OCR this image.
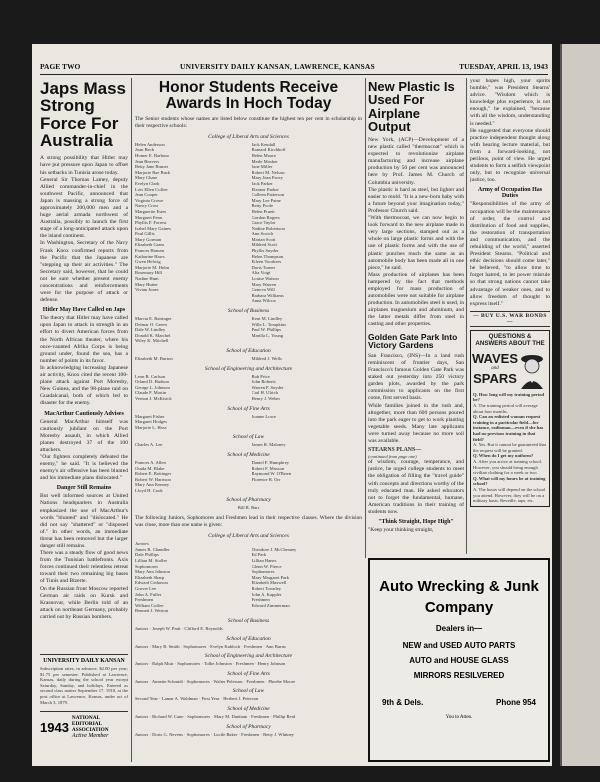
PAGE TWO	UNIVERSITY DAILY KANSAN, LAWRENCE, KANSAS	TUESDAY, APRIL 13, 1943
Japs Mass Strong Force For Australia
A strong possibility that Hitler may have put pressure upon Japan to offset his setbacks in Tunisia arose today.
General Sir Thomas Lamey, deputy Allied commander-in-chief in the southwest Pacific, announced that Japan is massing a strong force of approximately 200,000 men and a huge aerial armada northwest of Australia, possibly to launch the first stage of a long-anticipated attack upon the island continent.
In Washington, Secretary of the Navy Frank Knox confirmed reports from the Pacific that the Japanese are "stepping up their air activities." The Secretary said, however, that he could not be sure whether present enemy concentrations and reinforcements were for the purpose of attack or defense.
Hitler May Have Called on Japs
The theory that Hitler may have called upon Japan to attack in strength in an effort to divert American forces from the North African theater, where his once-vaunted Afrika Corps is being ground under, found the sea, has a number of points in its favor.
In acknowledging increasing Japanese air activity, Knox cited the recent 100-plane attack against Port Moresby, New Guinea, and the 98-plane raid on Guadalcanal, both of which led to disaster for the enemy.
MacArthur Cautiously Advises
General MacArthur himself was cautiously jubilant on the Port Moresby assault, in which Allied planes destroyed 37 of the 100 attackers.
"Our fighters completely defeated the enemy," he said. "It is believed the enemy's air offensive has been blunted and his immediate plans dislocated."
Danger Still Remains
But well informed sources at United Nations headquarters in Australia emphasized the use of MacArthur's words "blunted" and "dislocated." He did not say "shattered" or "disposed of." In other words, an immediate threat has been removed but the larger danger still remains.
There was a steady flow of good news from the Tunisian battlefronts. Axis forces continued their relentless retreat toward their two remaining big bases of Tunis and Bizerte.
On the Russian front Moscow reported German air raids on Kursk and Krasnovar, while Berlin told of an attack on northeast Germany, probably carried out by Russian bombers.
UNIVERSITY DAILY KANSAN
Subscription rates, in advance, $2.00 per year; $1.75 per semester. Published at Lawrence, Kansas, daily during the school year except Saturday, Sunday, and holidays. Entered as second class matter September 17, 1910, at the post office at Lawrence, Kansas, under act of March 3, 1879.
1943
NATIONAL EDITORIAL ASSOCIATION
Active Member
Honor Students Receive Awards In Hoch Today
The Senior students whose names are listed below constitute the highest ten per cent in scholarship in their respective schools:
College of Liberal Arts and Sciences
Helen Anderson
Joan Beck
Homer E. Barbour
Jean Beavers
Betty Jane Bruner
Marjorie Rae Buck
Mary Chase
Evelyn Clark
Lois Ellen Coffee
Jean Cooper
Virginia Crowe
Nancy Crow
Marguerite Estes
Margaret Fenn
Phyllis F. Forrest
Isabel Mary Gaines
Paul Gillis
Mary Gorman
Elizabeth Gram
Frances Hansen
Katharine Haws
Gwen Helwig
Marjorie M. Holm
Rosemary Hill
Nadine Hunt
Mary Hutter
Vivian Jones
Jack Kendall
Barnard Kirchhoff
Helen Moore
Merle Mosher
Jane Miller
Robert M. Nelson
Mary Jean Pacey
Jack Parker
Eleanor Parker
Colleen Patterson
Mary Lee Paine
Betty Poole
Helen Pruett
Gordon Rogers
Grace Taylor
Nadine Robertson
Ann Scotch
Marian Scott
Mildred Scott
Phyllis Snyder
Helen Thompson
Eileen Voorhees
Doris Turner
Alta Voigt
Louise Watson
Mary Warren
Genova Will
Barbara Williams
Anna Wilcox
School of Business
Marcia E. Bairinger
Delmar O. Green
Dale W. Lindley
Donald K. Maichel
Wiley K. Mitchell
Kent M. Lindley
Willa L. Tompkins
Paul W. Phillips
Marilla L. Young
School of Education
Elizabeth M. Burton	Mildred J. Wells
School of Engineering and Architecture
Leon R. Carlson
Orland D. Hudson
George L. Johnson
Claude F. Martin
Vernon J. McKisick
Bob Price
John Roberts
Warren F. Snyder
Carl H. Ulrich
Henry J. Weber
School of Fine Arts
Margaret Fisher
Margaret Hodges
Marjorie L. Hoss
Joanne Lowe
School of Law
Charles A. Lee	James R. Maloney
School of Medicine
Frances A. Allen
Ouida M. Blake
Robert E. Bottinger
Robert W. Harrison
Mary Ann Kenney
Lloyd H. Cook
Daniel F. Humphrey
Robert F. Musson
Raymond W. O'Brien
Florence B. Orr
School of Pharmacy
Bill R. Barr
The following Juniors, Sophomores and Freshmen lead in their respective classes. Where the division was close, more than one name is given:
College of Liberal Arts and Sciences
Juniors
James R. Chandler
Dale Phillips
Lillian M. Stoller
Sophomores
Mary Ann Johnson
Elizabeth Sharp
Edward Cedarson
Grover Lee
John A. Fuller
Freshmen
William Coffee
Bennett J. Weston
Theodore J. McChesney
Ed Park
Lillian Hanes
Glenn W. Pierce
Sophomores
Mary Margaret Park
Elizabeth Maxwell
Robert Townley
John A. Kappler
Freshmen
Edward Zimmerman
School of Business
Juniors · Joseph W. Pratt · Clifford E. Reynolds
School of Education
Juniors · Mary R. Smith · Sophomores · Evelyn Kubloch · Freshmen · Ann Burns
School of Engineering and Architecture
Juniors · Ralph Muir · Sophomores · Tolbe Johnston · Freshmen · Henry Johnson
School of Fine Arts
Juniors · Annette Schmidt · Sophomores · Walter Pelerson · Freshmen · Phoebe Moore
School of Law
Second Year · Lamar A. Waldman · First Year · Herbert J. Peterson
School of Medicine
Juniors · Richard W. Cane · Sophomores · Mary M. Dunham · Freshmen · Phillip Reid
School of Pharmacy
Juniors · Doris G. Nevens · Sophomores · Lucile Baker · Freshmen · Betty J. Whitney
New Plastic Is Used For Airplane Output
New York, (ACP)—Development of a new plastic called "thermocoat" which is expected to revolutionize airplane manufacturing and increase airplane production by 50 per cent was announced here by Prof. James M. Church of Columbia university.
The plastic is hard as steel, but lighter and easier to mold. "It is a new-born baby with a future beyond your imagination today," Professor Church said.
"With thermocoat, we can now begin to look forward to the new airplane made in very large sections, stamped out as a whole on large plastic forms and with the use of plastic forms and with the use of plastic punches much the same as an automobile body has been made all in one piece," he said.
Mass production of airplanes has been hampered by the fact that methods employed for mass production of automobiles were not suitable for airplane production. In automobiles steel is used, in airplanes magnesium and aluminum, and the latter metals differ from steel in casting and other properties.
Golden Gate Park Into Victory Gardens
San Francisco, (INS)—In a land rush reminiscent of frontier days, San Francisco's famous Golden Gate Park was staked out yesterday into 250 victory garden plots, awarded by the park commission to applicants on the first come, first served basis.
While families joined in the rush and, altogether, more than 600 persons poured into the park eager to get to work planting vegetable seeds. Many late applicants were turned away because no more soil was available.
STEARNS PLANS—
(continued from page one)
of wisdom, courage, temperance, and justice, he urged college students to meet the obligation of filling the "travel guide" with concepts and directions worthy of the truly educated man. He asked educators not to forget the fundamental, humane, American traditions in their training of students now.
"Think Straight, Hope High"
"Keep your thinking straight,
your hopes high, your spirits humble," was President Stearns' advice. "Wisdom which is knowledge plus experience, is not enough," he explained, "because with all the wisdom, understanding is needed."
He suggested that everyone should practice independent thought along with hearing lecture material, but from a forward-looking, not perilous, point of view. He urged students to form a selfish viewpoint only, but to recognize universal justice, too.
Army of Occupation Has Duties
"Responsibilities of the army of occupation will be the maintenance of order, the control and distribution of food and supplies, the restoration of transportation and communication, and the rebuilding of the world," asserted President Stearns. "Political and ethic decisions should come later," he believed, "to allow time to forget hatred, to let power misrule so that strong nations cannot take advantage of weaker ones, and to allow freedom of thought to express itself."
— BUY U.S. WAR BONDS —
QUESTIONS & ANSWERS ABOUT THE
WAVES
and
SPARS
Q. How long will my training period be?
A. The training period will average about four months.
Q. Can an enlisted woman request training in a particular field—for instance, radioman—even if she has had no previous training in that field?
A. Yes. But it cannot be guaranteed that the request will be granted.
Q. When do I get my uniform?
A. After you arrive at training school. However, you should bring enough civilian clothing for a week or two.
Q. What will my hours be at training school?
A. The hours will depend on the school you attend. However, they will be on a military basis. Reveille, taps, etc.
Auto Wrecking & Junk
Company
Dealers in—
NEW and USED AUTO PARTS
AUTO and HOUSE GLASS
MIRRORS RESILVERED
9th & Dels.	Phone 954
You to Atten.
